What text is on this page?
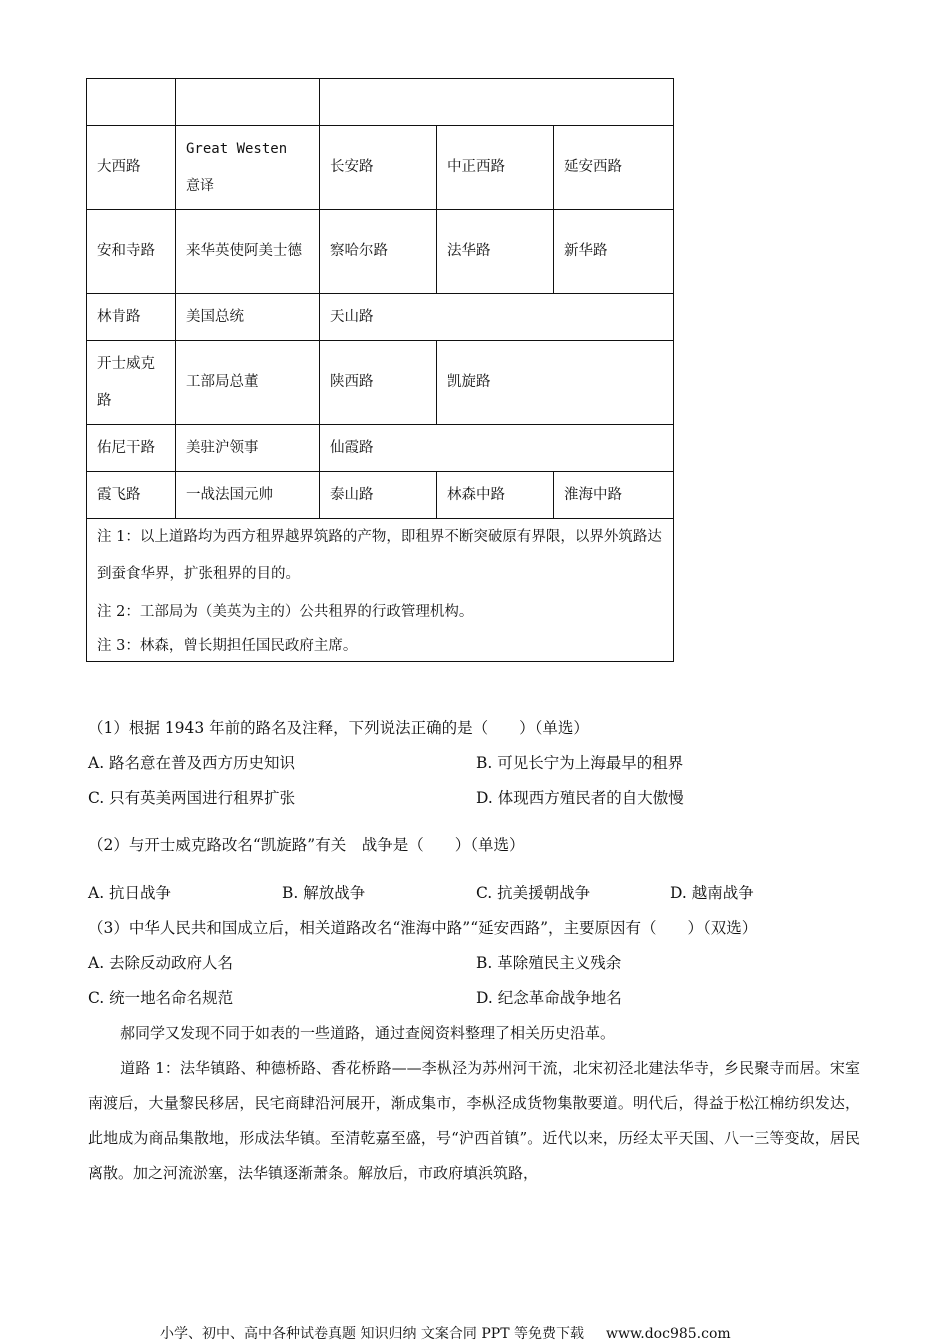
大西路	Great Westen 意译	长安路	中正西路	延安西路
安和寺路	来华英使阿美士德	察哈尔路	法华路	新华路
林肯路	美国总统	天山路		
开士威克路	工部局总董	陕西路	凯旋路	
佑尼干路	美驻沪领事	仙霞路		
霞飞路	一战法国元帅	泰山路	林森中路	淮海中路

注 1：以上道路均为西方租界越界筑路的产物，即租界不断突破原有界限，以界外筑路达到蚕食华界，扩张租界的目的。
注 2：工部局为（美英为主的）公共租界的行政管理机构。
注 3：林森，曾长期担任国民政府主席。				
（1）根据 1943 年前的路名及注释，下列说法正确的是（　　）（单选）
A. 路名意在普及西方历史知识	B. 可见长宁为上海最早的租界
C. 只有英美两国进行租界扩张	D. 体现西方殖民者的自大傲慢
（2）与开士威克路改名“凯旋路”有关　战争是（　　）（单选）
A. 抗日战争	B. 解放战争	C. 抗美援朝战争	D. 越南战争
（3）中华人民共和国成立后，相关道路改名“淮海中路”“延安西路”，主要原因有（　　）（双选）
A. 去除反动政府人名	B. 革除殖民主义残余
C. 统一地名命名规范	D. 纪念革命战争地名
郝同学又发现不同于如表的一些道路，通过查阅资料整理了相关历史沿革。
道路 1：法华镇路、种德桥路、香花桥路——李枞泾为苏州河干流，北宋初泾北建法华寺，乡民聚寺而居。宋室南渡后，大量黎民移居，民宅商肆沿河展开，渐成集市，李枞泾成货物集散要道。明代后，得益于松江棉纺织发达，此地成为商品集散地，形成法华镇。至清乾嘉至盛，号“沪西首镇”。近代以来，历经太平天国、八一三等变故，居民离散。加之河流淤塞，法华镇逐渐萧条。解放后，市政府填浜筑路，
小学、初中、高中各种试卷真题 知识归纳 文案合同 PPT 等免费下载 www.doc985.com
